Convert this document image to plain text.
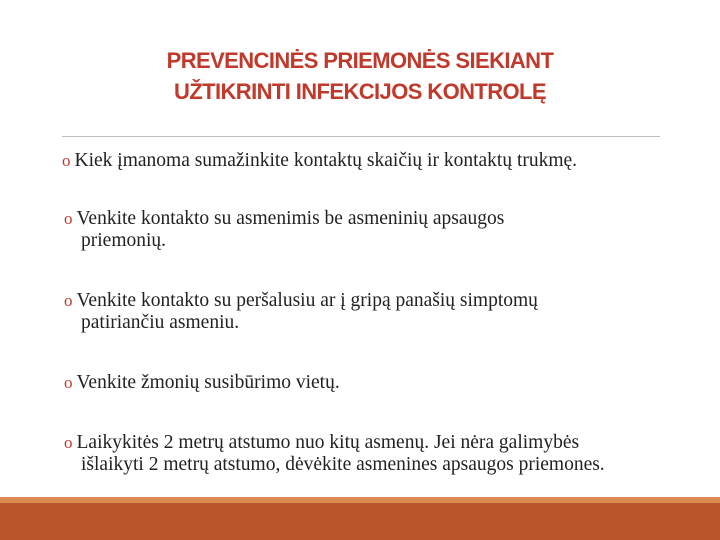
PREVENCINĖS PRIEMONĖS SIEKIANT
UŽTIKRINTI INFEKCIJOS KONTROLĘ
o Kiek įmanoma sumažinkite kontaktų skaičių ir kontaktų trukmę.
o Venkite kontakto su asmenimis be asmeninių apsaugos
priemonių.
o Venkite kontakto su peršalusiu ar į gripą panašių simptomų
patiriančiu asmeniu.
o Venkite žmonių susibūrimo vietų.
o Laikykitės 2 metrų atstumo nuo kitų asmenų. Jei nėra galimybės
išlaikyti 2 metrų atstumo, dėvėkite asmenines apsaugos priemones.
